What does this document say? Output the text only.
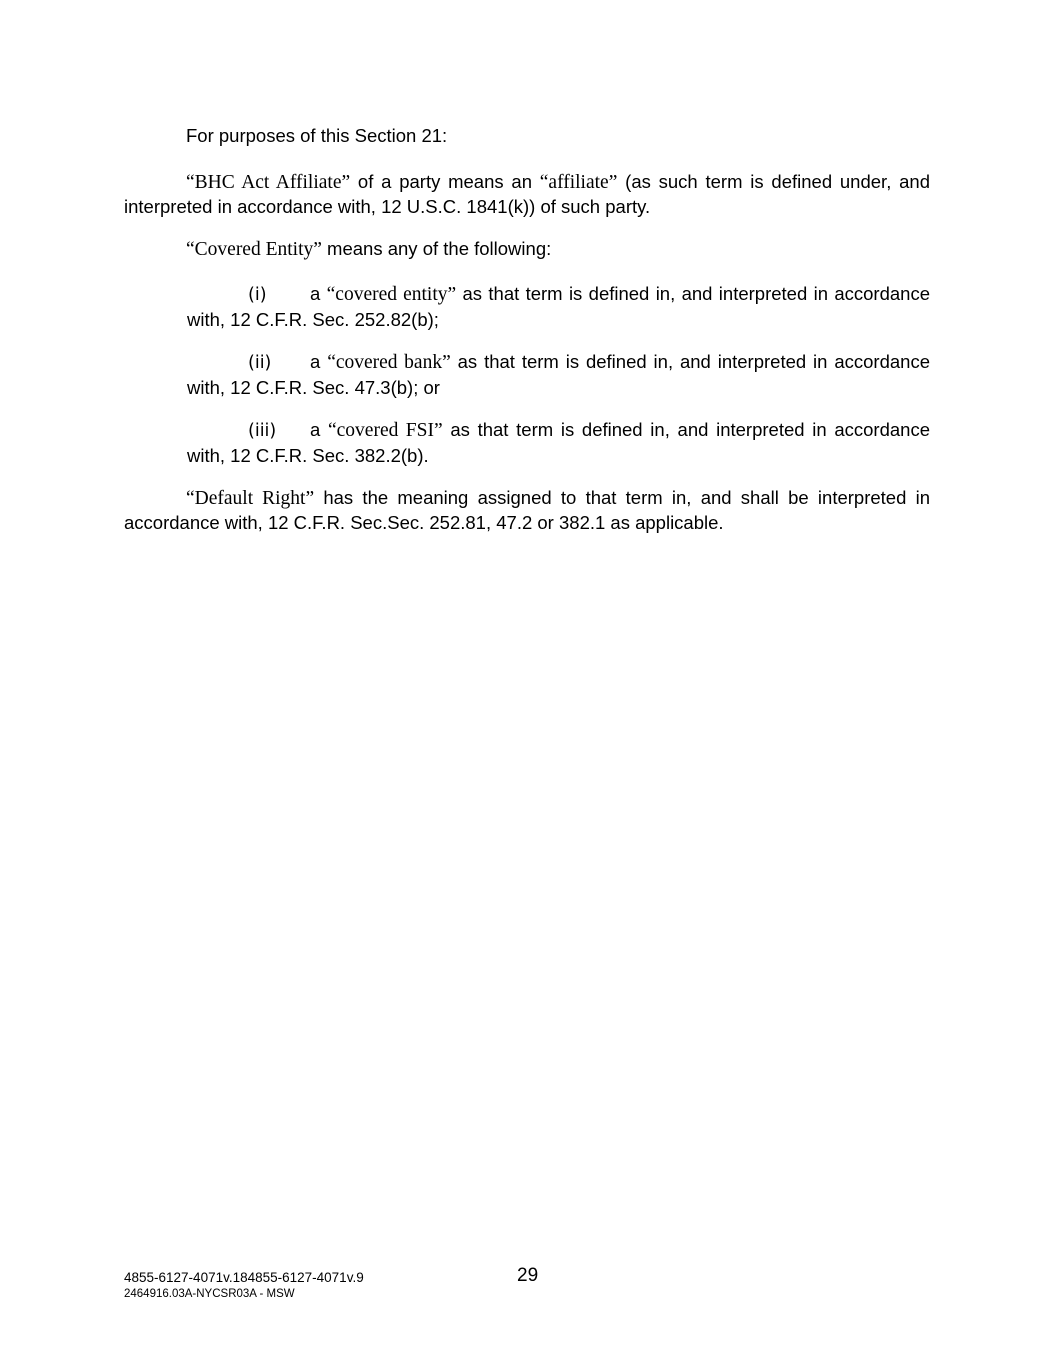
For purposes of this Section 21:

“BHC Act Affiliate” of a party means an “affiliate” (as such term is defined under, and interpreted in accordance with, 12 U.S.C. 1841(k)) of such party.

“Covered Entity” means any of the following:

(i) a “covered entity” as that term is defined in, and interpreted in accordance with, 12 C.F.R. Sec. 252.82(b);

(ii) a “covered bank” as that term is defined in, and interpreted in accordance with, 12 C.F.R. Sec. 47.3(b); or

(iii) a “covered FSI” as that term is defined in, and interpreted in accordance with, 12 C.F.R. Sec. 382.2(b).

“Default Right” has the meaning assigned to that term in, and shall be interpreted in accordance with, 12 C.F.R. Sec.Sec. 252.81, 47.2 or 382.1 as applicable.

4855-6127-4071v.184855-6127-4071v.9
2464916.03A-NYCSR03A - MSW
29
